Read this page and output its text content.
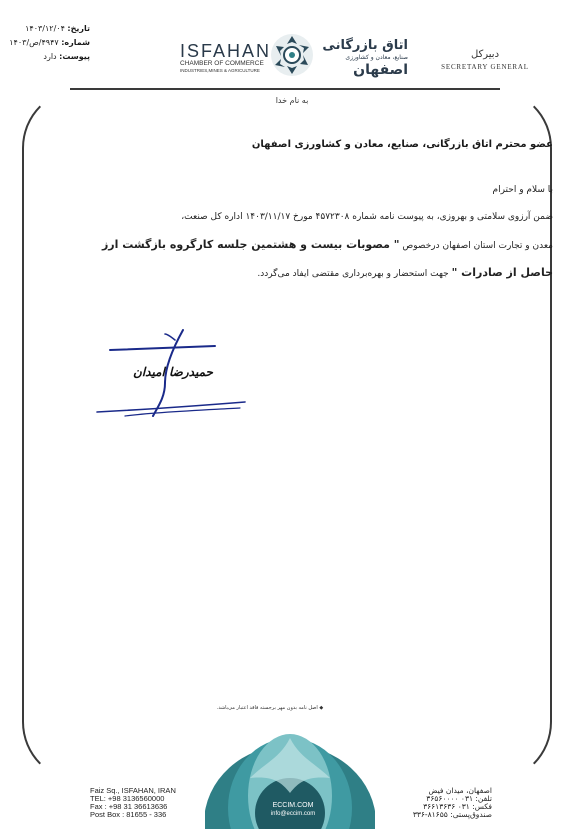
تاریخ: ۱۴۰۳/۱۲/۰۴
شماره: ۴۹۴۷/ص/۱۴۰۳
پیوست: دارد	ISFAHAN
CHAMBER OF COMMERCE
INDUSTRIES,MINES & AGRICULTURE
اتاق بازرگانی
صنایع، معادن و کشاورزی
اصفهان
دبیرکل
SECRETARY GENERAL
به نام خدا
عضو محترم اتاق بازرگانی، صنایع، معادن و کشاورزی اصفهان
با سلام و احترام
ضمن آرزوی سلامتی و بهروزی، به پیوست نامه شماره ۴۵۷۲۳۰۸ مورخ ۱۴۰۳/۱۱/۱۷ اداره کل صنعت،
معدن و تجارت استان اصفهان درخصوص " مصوبات بیست و هشتمین جلسه کارگروه بازگشت ارز
حاصل از صادرات " جهت استحضار و بهره‌برداری مقتضی ایفاد می‌گردد.
حمیدرضا امیدان
◆ اصل نامه بدون مهر برجسته فاقد اعتبار می‌باشد.
ECCIM.COM
info@eccim.com
Faiz Sq., ISFAHAN, IRAN
TEL: +98 3136560000
Fax : +98 31 36613636
Post Box : 81655 - 336
اصفهان، میدان فیض
تلفن: ۰۳۱ ۳۶۵۶۰۰۰۰
فکس: ۰۳۱ ۳۶۶۱۳۶۳۶
صندوق‌پستی: ۸۱۶۵۵-۳۳۶
